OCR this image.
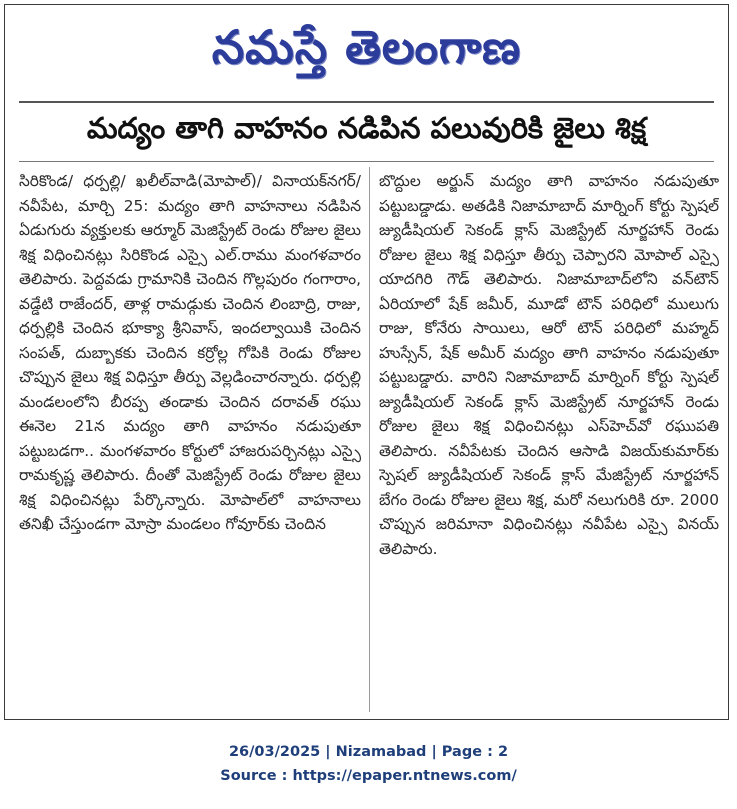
నమస్తే తెలంగాణ
మద్యం తాగి వాహనం నడిపిన పలువురికి జైలు శిక్ష
సిరికొండ/ ధర్పల్లి/ ఖలీల్‌వాడి(మోపాల్)/ వినాయక్‌నగర్/ నవీపేట, మార్చి 25: మద్యం తాగి వాహనాలు నడిపిన ఏడుగురు వ్యక్తులకు ఆర్మూర్ మెజిస్ట్రేట్ రెండు రోజుల జైలు శిక్ష విధించినట్లు సిరికొండ ఎస్సై ఎల్.రాము మంగళవారం తెలిపారు. పెద్దవడు గ్రామానికి చెందిన గొల్లపురం గంగారాం, వడ్డేటి రాజేందర్, తాళ్ల రామడ్గుకు చెందిన లింబాద్రి, రాజు, ధర్పల్లికి చెందిన భూక్యా శ్రీనివాస్, ఇందల్వాయికి చెందిన సంపత్, దుబ్బాకకు చెందిన కర్రోల్ల గోపికి రెండు రోజుల చొప్పున జైలు శిక్ష విధిస్తూ తీర్పు వెల్లడించారన్నారు. ధర్పల్లి మండలంలోని బీరప్ప తండాకు చెందిన దరావత్ రఘు ఈనెల 21న మద్యం తాగి వాహనం నడుపుతూ పట్టుబడగా.. మంగళవారం కోర్టులో హాజరుపర్చినట్లు ఎస్సై రామకృష్ణ తెలిపారు. దీంతో మెజిస్ట్రేట్ రెండు రోజుల జైలు శిక్ష విధించినట్లు పేర్కొన్నారు. మోపాల్‌లో వాహనాలు తనిఖీ చేస్తుండగా మోస్రా మండలం గోవూర్‌కు చెందిన
బొద్దుల అర్జున్ మద్యం తాగి వాహనం నడుపుతూ పట్టుబడ్డాడు. అతడికి నిజామాబాద్ మార్నింగ్ కోర్టు స్పెషల్ జ్యుడీషియల్ సెకండ్ క్లాస్ మెజిస్ట్రేట్ నూర్జహాన్ రెండు రోజుల జైలు శిక్ష విధిస్తూ తీర్పు చెప్పారని మోపాల్ ఎస్సై యాదగిరి గౌడ్ తెలిపారు. నిజామాబాద్‌లోని వన్‌టౌన్ ఏరియాలో షేక్ జమీర్, మూడో టౌన్ పరిధిలో ములుగు రాజు, కోనేరు సాయిలు, ఆరో టౌన్ పరిధిలో మహ్మద్ హుస్సేన్, షేక్ అమీర్ మద్యం తాగి వాహనం నడుపుతూ పట్టుబడ్డారు. వారిని నిజామాబాద్ మార్నింగ్ కోర్టు స్పెషల్ జ్యుడీషియల్ సెకండ్ క్లాస్ మెజిస్ట్రేట్ నూర్జహాన్ రెండు రోజుల జైలు శిక్ష విధించినట్లు ఎస్‌హెచ్‌వో రఘుపతి తెలిపారు. నవీపేటకు చెందిన ఆసాడి విజయ్‌కుమార్‌కు స్పెషల్ జ్యుడీషియల్ సెకండ్ క్లాస్ మేజిస్ట్రేట్ నూర్జహాన్ బేగం రెండు రోజుల జైలు శిక్ష, మరో నలుగురికి రూ. 2000 చొప్పున జరిమానా విధించినట్లు నవీపేట ఎస్సై వినయ్ తెలిపారు.
26/03/2025 | Nizamabad | Page : 2
Source : https://epaper.ntnews.com/
